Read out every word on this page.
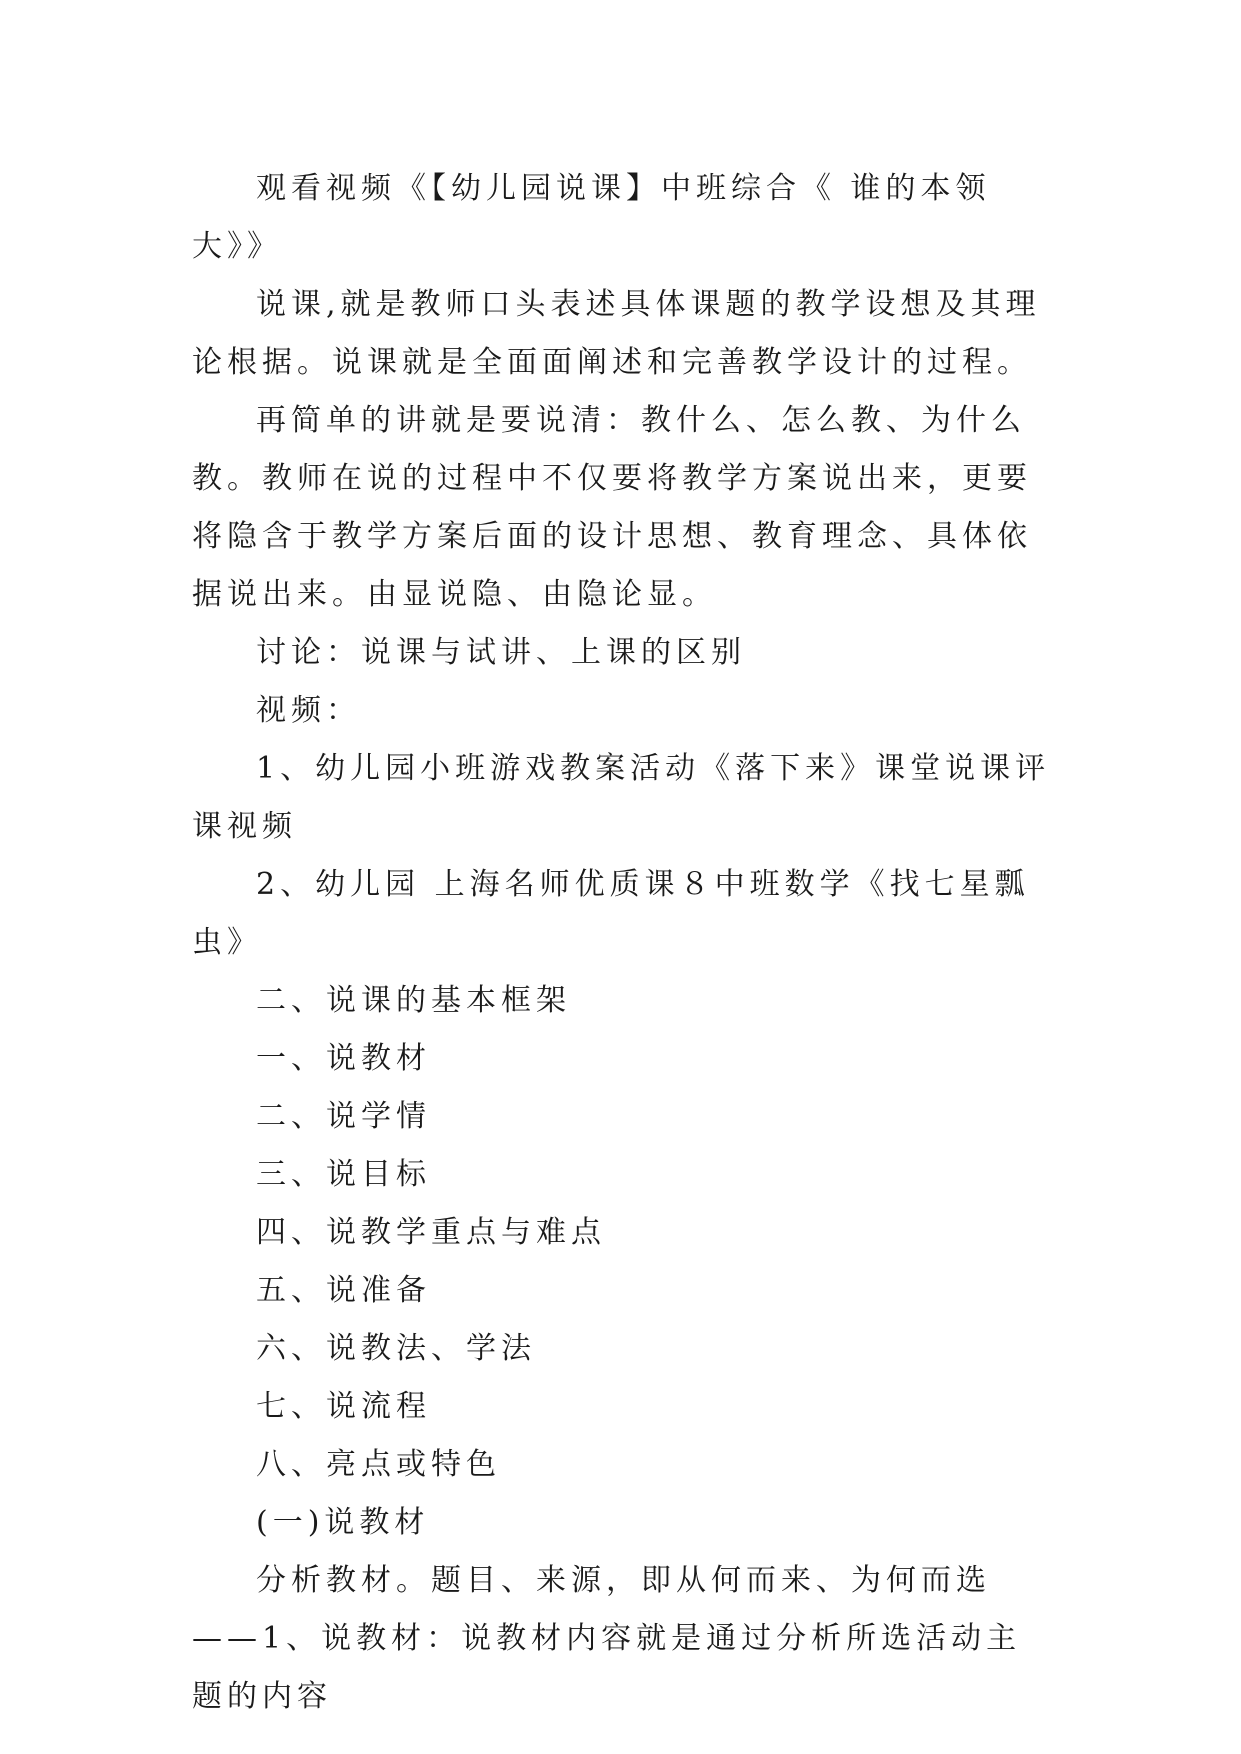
观看视频《【幼儿园说课】中班综合《 谁的本领大》》

说课,就是教师口头表述具体课题的教学设想及其理论根据。说课就是全面面阐述和完善教学设计的过程。

再简单的讲就是要说清：教什么、怎么教、为什么教。教师在说的过程中不仅要将教学方案说出来，更要将隐含于教学方案后面的设计思想、教育理念、具体依据说出来。由显说隐、由隐论显。

讨论：说课与试讲、上课的区别

视频：

1、幼儿园小班游戏教案活动《落下来》课堂说课评课视频

2、幼儿园 上海名师优质课８中班数学《找七星瓢虫》

二、说课的基本框架

一、说教材

二、说学情

三、说目标

四、说教学重点与难点

五、说准备

六、说教法、学法

七、说流程

八、亮点或特色

(一)说教材

分析教材。题目、来源，即从何而来、为何而选——1、说教材：说教材内容就是通过分析所选活动主题的内容
